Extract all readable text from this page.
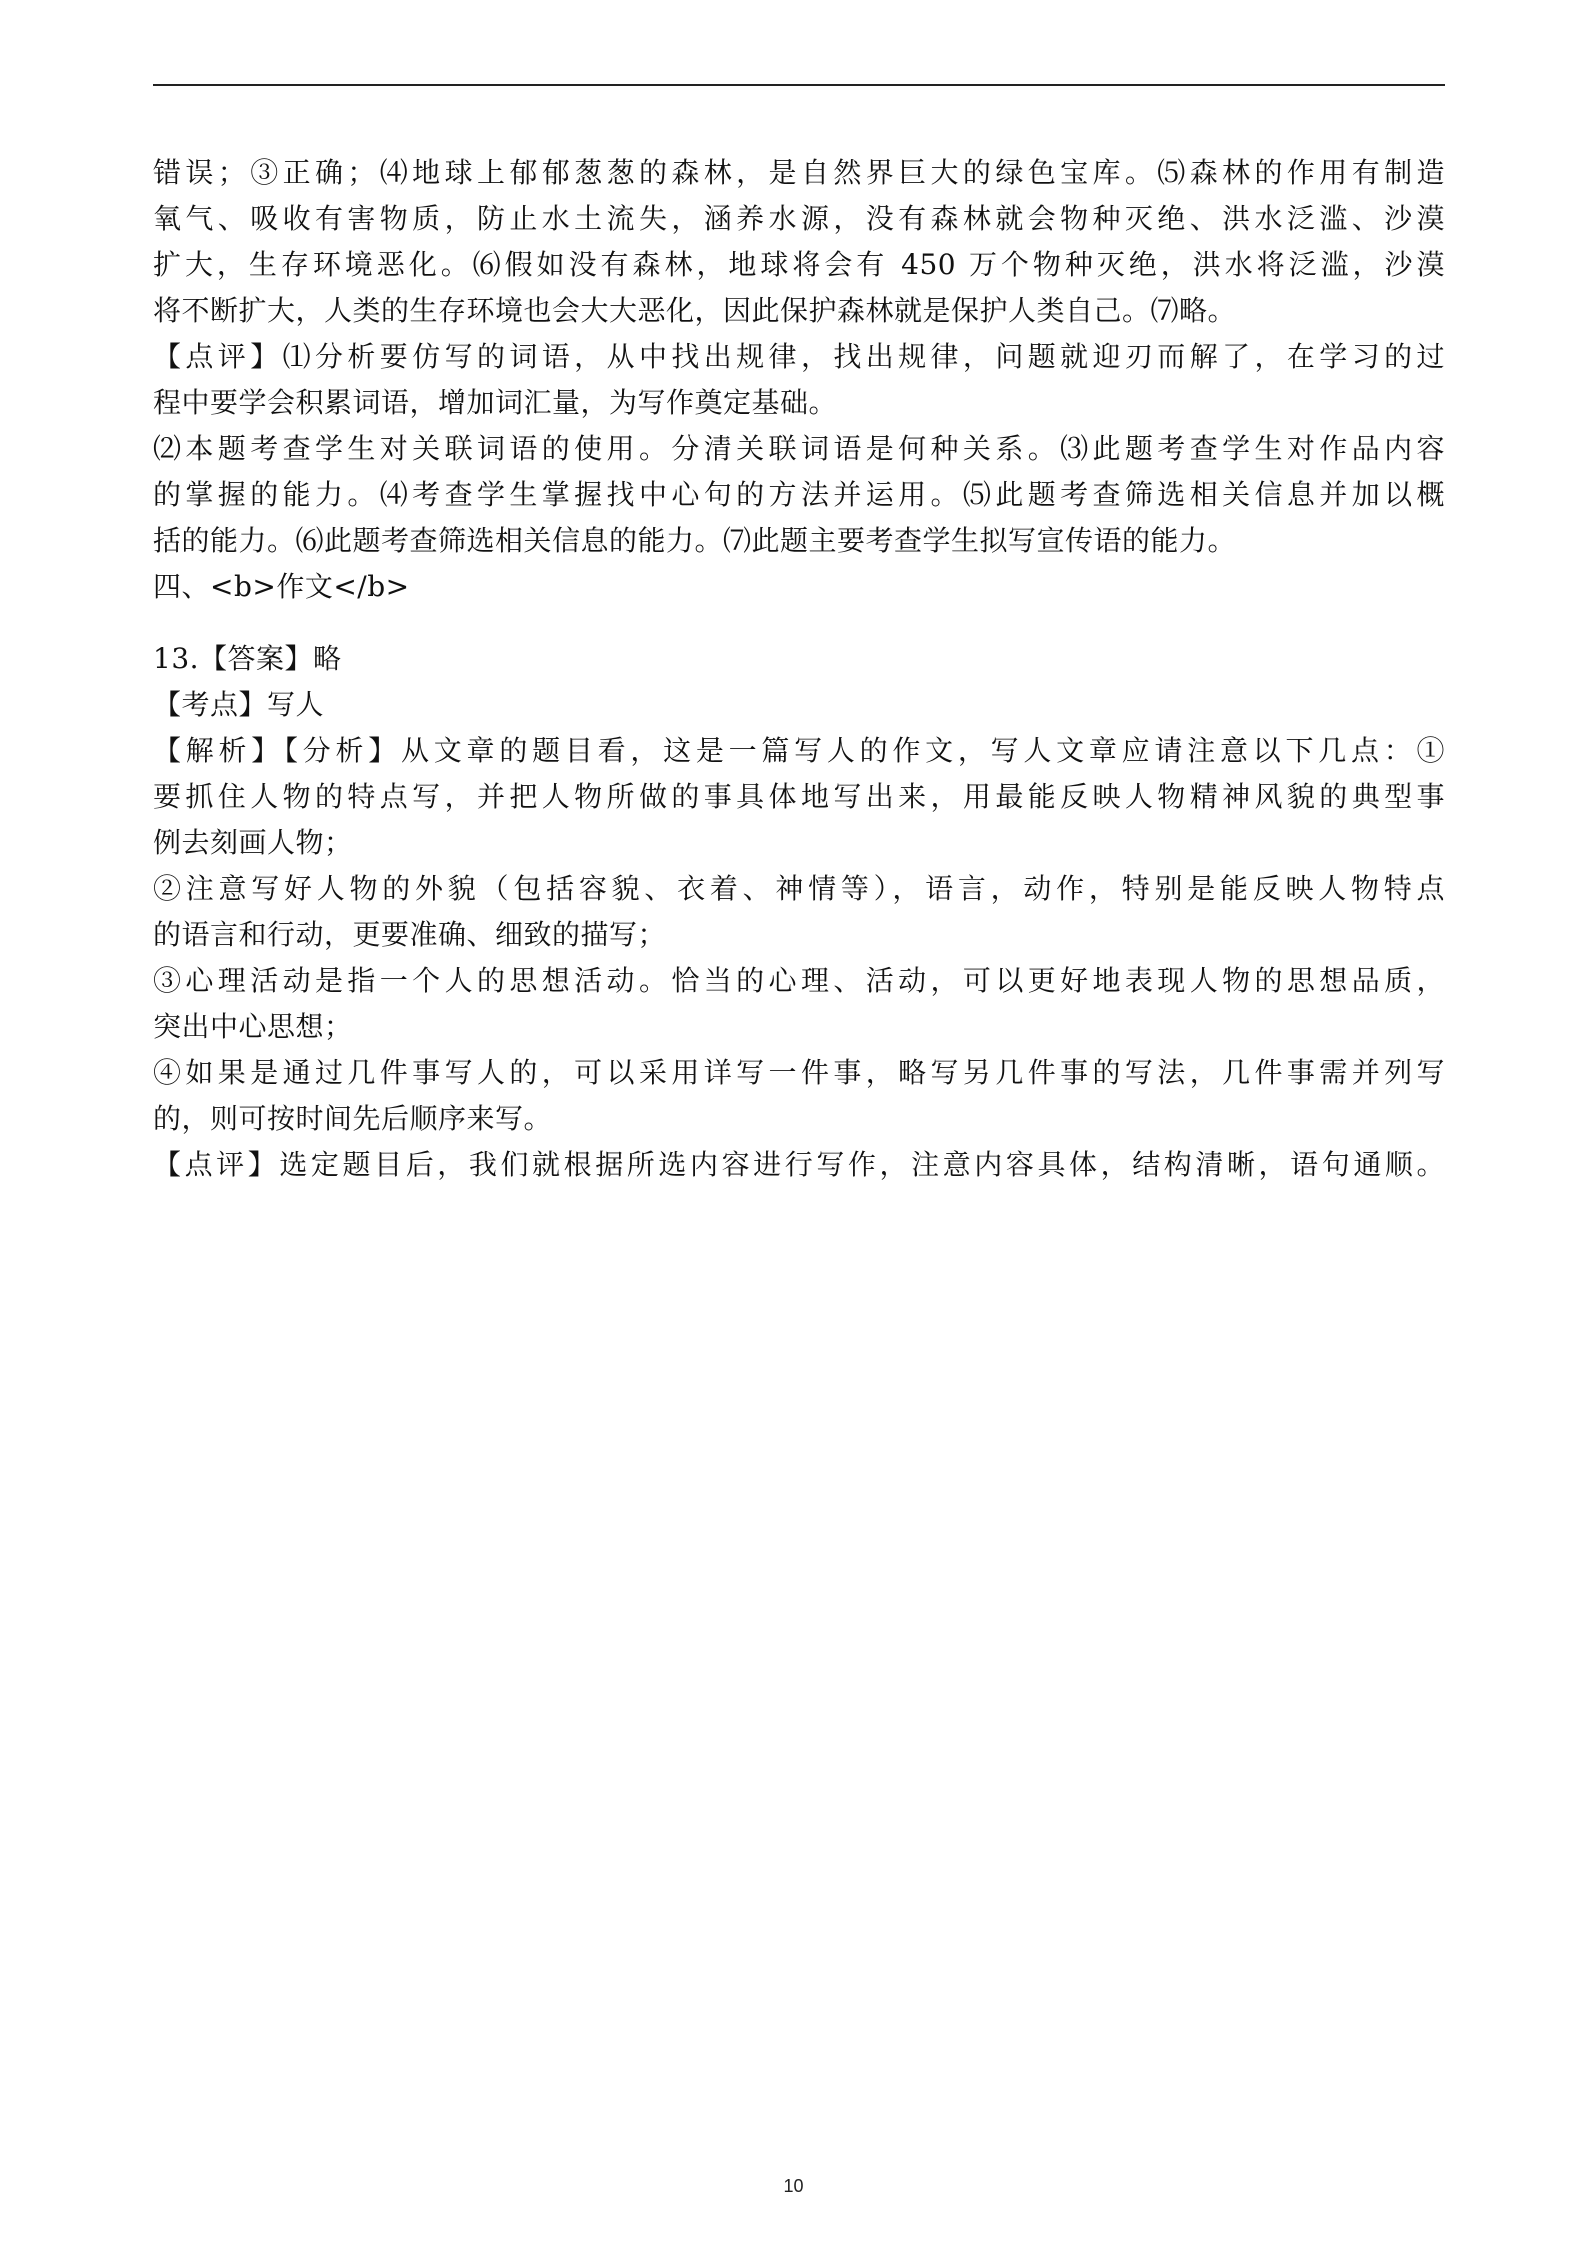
错误；③正确；⑷地球上郁郁葱葱的森林，是自然界巨大的绿色宝库。⑸森林的作用有制造
氧气、吸收有害物质，防止水土流失，涵养水源，没有森林就会物种灭绝、洪水泛滥、沙漠
扩大，生存环境恶化。⑹假如没有森林，地球将会有 450 万个物种灭绝，洪水将泛滥，沙漠
将不断扩大，人类的生存环境也会大大恶化，因此保护森林就是保护人类自己。⑺略。
【点评】⑴分析要仿写的词语，从中找出规律，找出规律，问题就迎刃而解了，在学习的过
程中要学会积累词语，增加词汇量，为写作奠定基础。
⑵本题考查学生对关联词语的使用。分清关联词语是何种关系。⑶此题考查学生对作品内容
的掌握的能力。⑷考查学生掌握找中心句的方法并运用。⑸此题考查筛选相关信息并加以概
括的能力。⑹此题考查筛选相关信息的能力。⑺此题主要考查学生拟写宣传语的能力。
四、<b>作文</b>
13.【答案】略
【考点】写人
【解析】【分析】从文章的题目看，这是一篇写人的作文，写人文章应请注意以下几点：①
要抓住人物的特点写，并把人物所做的事具体地写出来，用最能反映人物精神风貌的典型事
例去刻画人物；
②注意写好人物的外貌（包括容貌、衣着、神情等），语言，动作，特别是能反映人物特点
的语言和行动，更要准确、细致的描写；
③心理活动是指一个人的思想活动。恰当的心理、活动，可以更好地表现人物的思想品质，
突出中心思想；
④如果是通过几件事写人的，可以采用详写一件事，略写另几件事的写法，几件事需并列写
的，则可按时间先后顺序来写。
【点评】选定题目后，我们就根据所选内容进行写作，注意内容具体，结构清晰，语句通顺。
10
